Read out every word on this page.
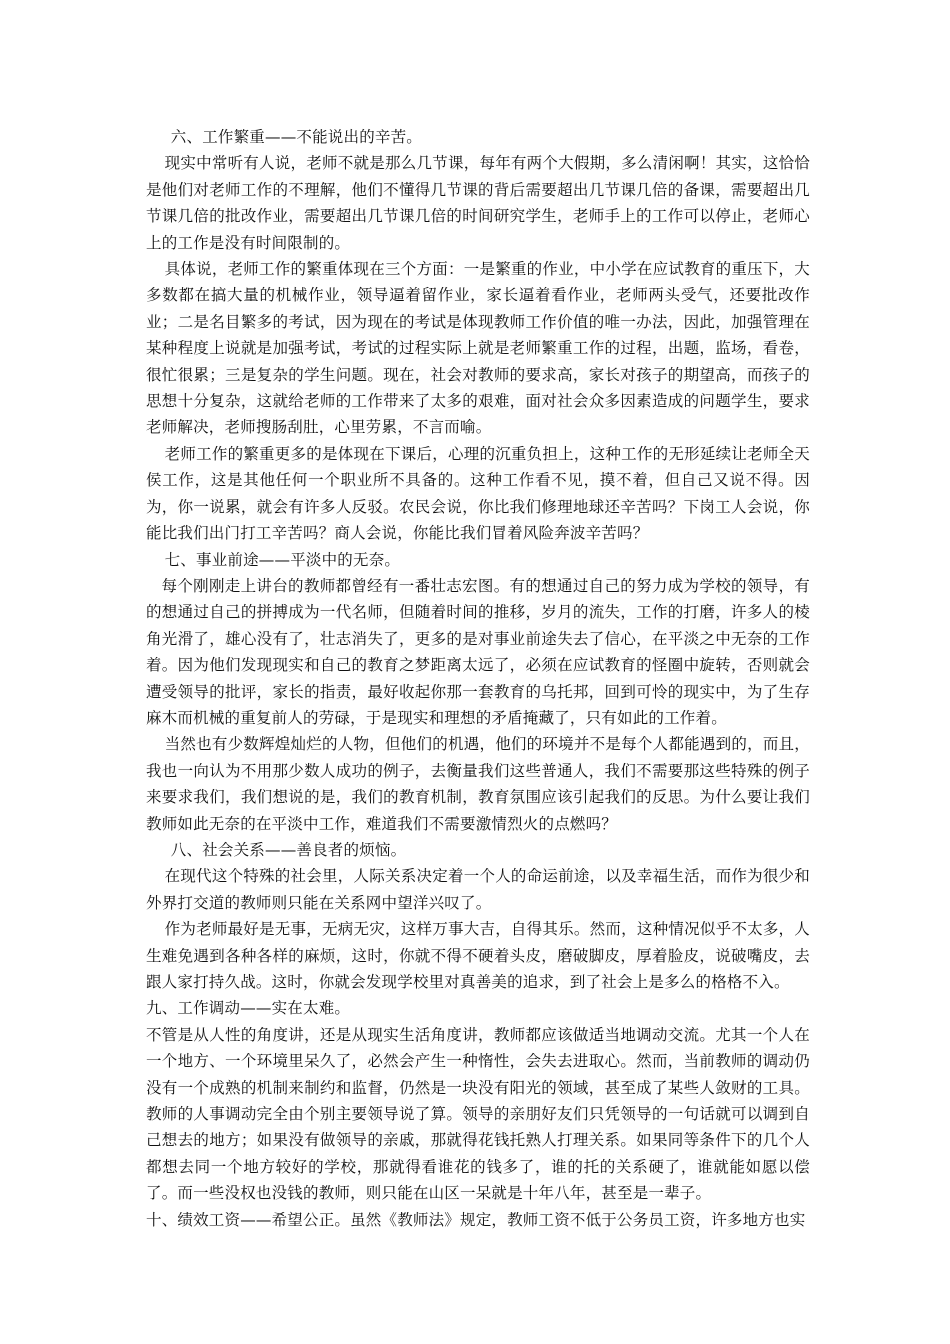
六、工作繁重——不能说出的辛苦。

现实中常听有人说，老师不就是那么几节课，每年有两个大假期，多么清闲啊！其实，这恰恰是他们对老师工作的不理解，他们不懂得几节课的背后需要超出几节课几倍的备课，需要超出几节课几倍的批改作业，需要超出几节课几倍的时间研究学生，老师手上的工作可以停止，老师心上的工作是没有时间限制的。

具体说，老师工作的繁重体现在三个方面：一是繁重的作业，中小学在应试教育的重压下，大多数都在搞大量的机械作业，领导逼着留作业，家长逼着看作业，老师两头受气，还要批改作业；二是名目繁多的考试，因为现在的考试是体现教师工作价值的唯一办法，因此，加强管理在某种程度上说就是加强考试，考试的过程实际上就是老师繁重工作的过程，出题，监场，看卷，很忙很累；三是复杂的学生问题。现在，社会对教师的要求高，家长对孩子的期望高，而孩子的思想十分复杂，这就给老师的工作带来了太多的艰难，面对社会众多因素造成的问题学生，要求老师解决，老师搜肠刮肚，心里劳累，不言而喻。

老师工作的繁重更多的是体现在下课后，心理的沉重负担上，这种工作的无形延续让老师全天侯工作，这是其他任何一个职业所不具备的。这种工作看不见，摸不着，但自己又说不得。因为，你一说累，就会有许多人反驳。农民会说，你比我们修理地球还辛苦吗？下岗工人会说，你能比我们出门打工辛苦吗？商人会说，你能比我们冒着风险奔波辛苦吗？

七、事业前途——平淡中的无奈。

每个刚刚走上讲台的教师都曾经有一番壮志宏图。有的想通过自己的努力成为学校的领导，有的想通过自己的拼搏成为一代名师，但随着时间的推移，岁月的流失，工作的打磨，许多人的棱角光滑了，雄心没有了，壮志消失了，更多的是对事业前途失去了信心，在平淡之中无奈的工作着。因为他们发现现实和自己的教育之梦距离太远了，必须在应试教育的怪圈中旋转，否则就会遭受领导的批评，家长的指责，最好收起你那一套教育的乌托邦，回到可怜的现实中，为了生存麻木而机械的重复前人的劳碌，于是现实和理想的矛盾掩藏了，只有如此的工作着。

当然也有少数辉煌灿烂的人物，但他们的机遇，他们的环境并不是每个人都能遇到的，而且，我也一向认为不用那少数人成功的例子，去衡量我们这些普通人，我们不需要那这些特殊的例子来要求我们，我们想说的是，我们的教育机制，教育氛围应该引起我们的反思。为什么要让我们教师如此无奈的在平淡中工作，难道我们不需要激情烈火的点燃吗？

八、社会关系——善良者的烦恼。

在现代这个特殊的社会里，人际关系决定着一个人的命运前途，以及幸福生活，而作为很少和外界打交道的教师则只能在关系网中望洋兴叹了。

作为老师最好是无事，无病无灾，这样万事大吉，自得其乐。然而，这种情况似乎不太多，人生难免遇到各种各样的麻烦，这时，你就不得不硬着头皮，磨破脚皮，厚着脸皮，说破嘴皮，去跟人家打持久战。这时，你就会发现学校里对真善美的追求，到了社会上是多么的格格不入。

九、工作调动——实在太难。

不管是从人性的角度讲，还是从现实生活角度讲，教师都应该做适当地调动交流。尤其一个人在一个地方、一个环境里呆久了，必然会产生一种惰性，会失去进取心。然而，当前教师的调动仍没有一个成熟的机制来制约和监督，仍然是一块没有阳光的领域，甚至成了某些人敛财的工具。教师的人事调动完全由个别主要领导说了算。领导的亲朋好友们只凭领导的一句话就可以调到自己想去的地方；如果没有做领导的亲戚，那就得花钱托熟人打理关系。如果同等条件下的几个人都想去同一个地方较好的学校，那就得看谁花的钱多了，谁的托的关系硬了，谁就能如愿以偿了。而一些没权也没钱的教师，则只能在山区一呆就是十年八年，甚至是一辈子。

十、绩效工资——希望公正。虽然《教师法》规定，教师工资不低于公务员工资，许多地方也实
